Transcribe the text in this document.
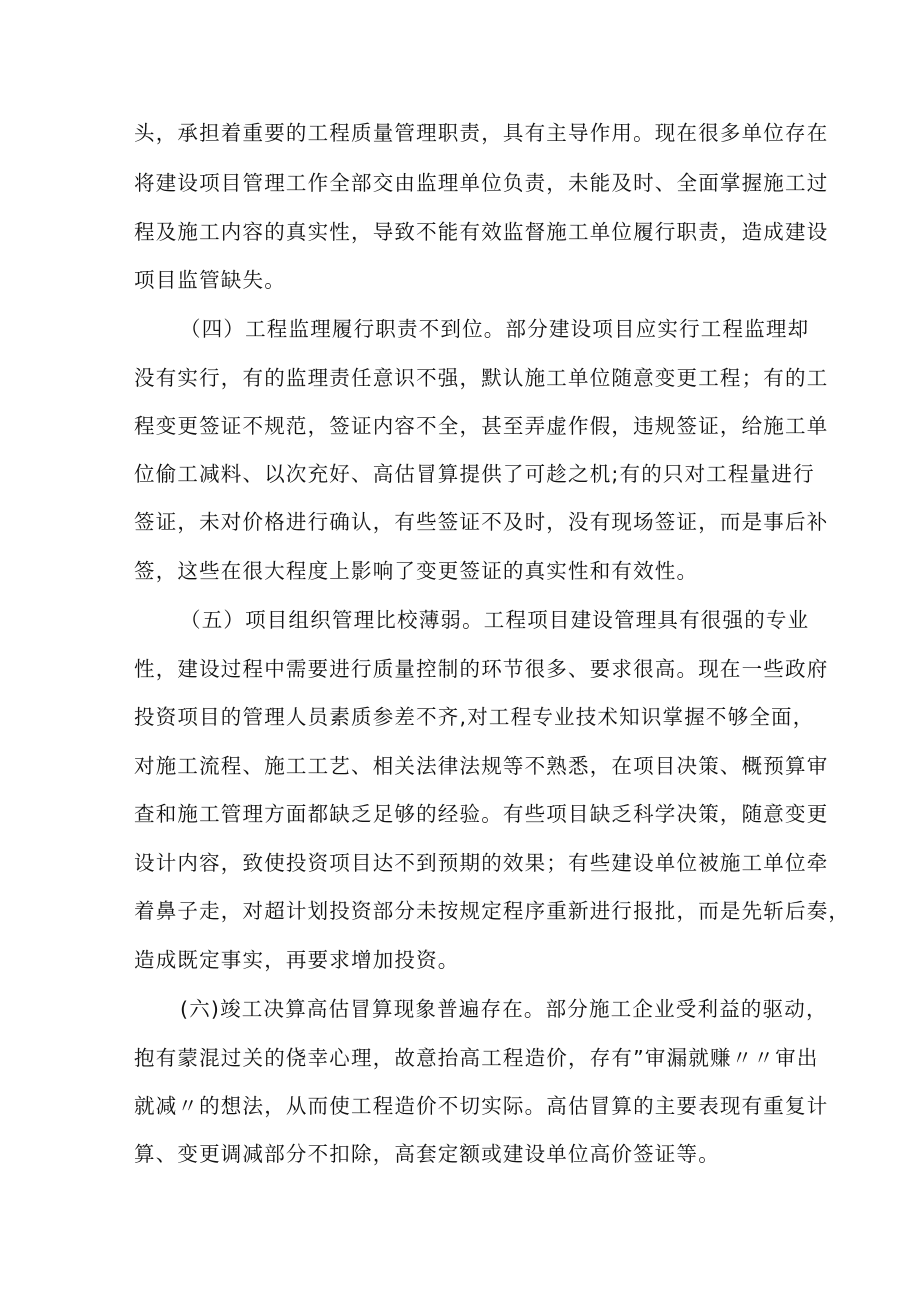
头，承担着重要的工程质量管理职责，具有主导作用。现在很多单位存在
将建设项目管理工作全部交由监理单位负责，未能及时、全面掌握施工过
程及施工内容的真实性，导致不能有效监督施工单位履行职责，造成建设
项目监管缺失。
（四）工程监理履行职责不到位。部分建设项目应实行工程监理却
没有实行，有的监理责任意识不强，默认施工单位随意变更工程；有的工
程变更签证不规范，签证内容不全，甚至弄虚作假，违规签证，给施工单
位偷工减料、以次充好、高估冒算提供了可趁之机;有的只对工程量进行
签证，未对价格进行确认，有些签证不及时，没有现场签证，而是事后补
签，这些在很大程度上影响了变更签证的真实性和有效性。
（五）项目组织管理比校薄弱。工程项目建设管理具有很强的专业
性，建设过程中需要进行质量控制的环节很多、要求很高。现在一些政府
投资项目的管理人员素质参差不齐,对工程专业技术知识掌握不够全面，
对施工流程、施工工艺、相关法律法规等不熟悉，在项目决策、概预算审
查和施工管理方面都缺乏足够的经验。有些项目缺乏科学决策，随意变更
设计内容，致使投资项目达不到预期的效果；有些建设单位被施工单位牵
着鼻子走，对超计划投资部分未按规定程序重新进行报批，而是先斩后奏，
造成既定事实，再要求增加投资。
(六)竣工决算高估冒算现象普遍存在。部分施工企业受利益的驱动，
抱有蒙混过关的侥幸心理，故意抬高工程造价，存有”审漏就赚〃〃审出
就减〃的想法，从而使工程造价不切实际。高估冒算的主要表现有重复计
算、变更调减部分不扣除，高套定额或建设单位高价签证等。
